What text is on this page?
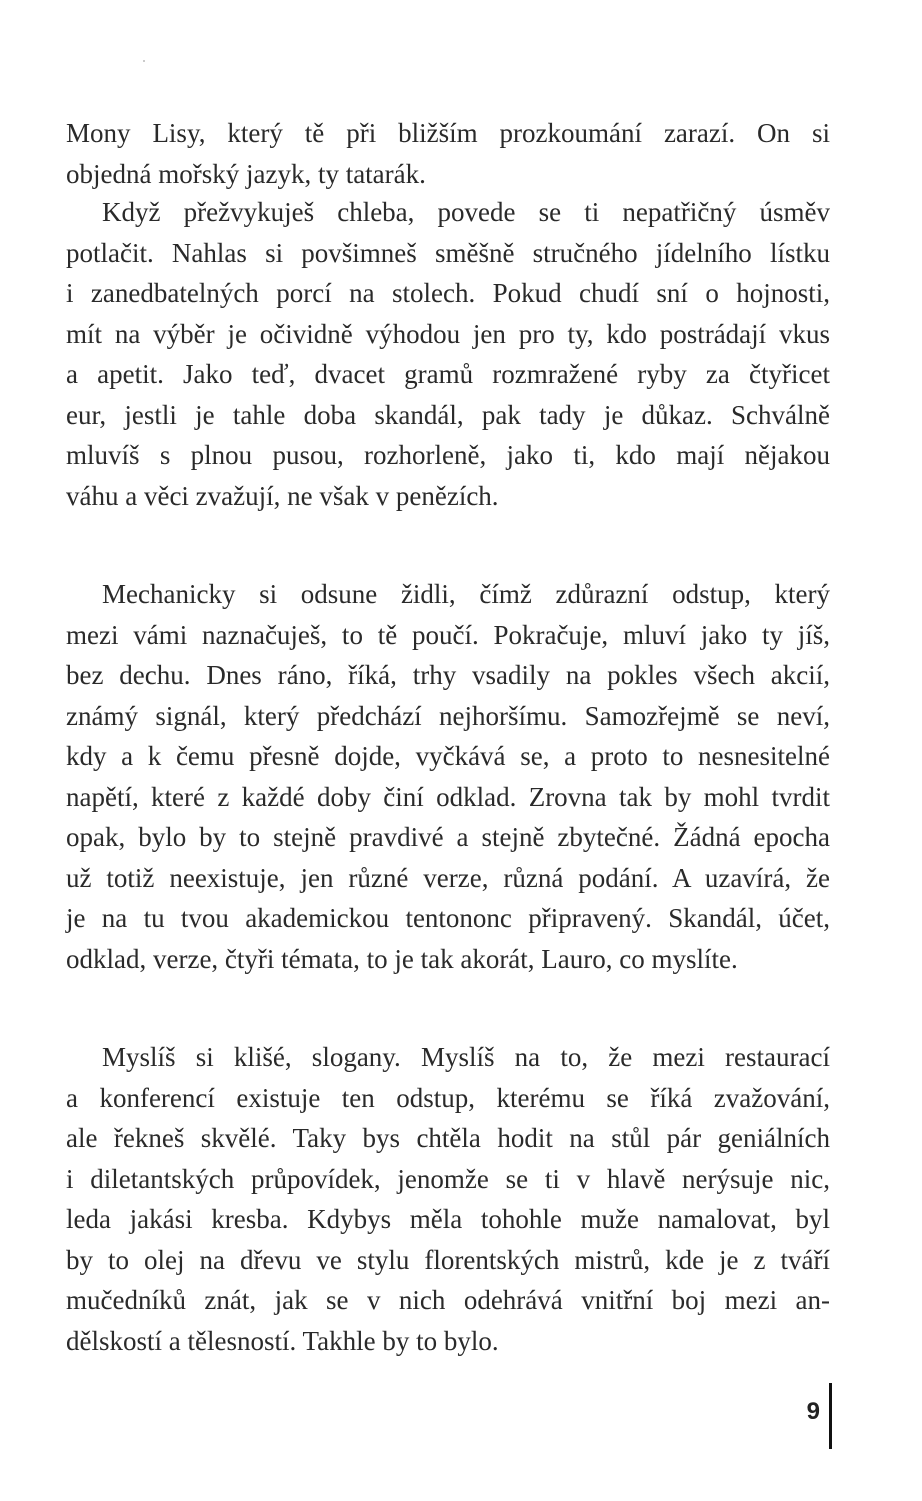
Mony Lisy, který tě při bližším prozkoumání zarazí. On si
objedná mořský jazyk, ty tatarák.
Když přežvykuješ chleba, povede se ti nepatřičný úsměv
potlačit. Nahlas si povšimneš směšně stručného jídelního lístku
i zanedbatelných porcí na stolech. Pokud chudí sní o hojnosti,
mít na výběr je očividně výhodou jen pro ty, kdo postrádají vkus
a apetit. Jako teď, dvacet gramů rozmražené ryby za čtyřicet
eur, jestli je tahle doba skandál, pak tady je důkaz. Schválně
mluvíš s plnou pusou, rozhorleně, jako ti, kdo mají nějakou
váhu a věci zvažují, ne však v penězích.
Mechanicky si odsune židli, čímž zdůrazní odstup, který
mezi vámi naznačuješ, to tě poučí. Pokračuje, mluví jako ty jíš,
bez dechu. Dnes ráno, říká, trhy vsadily na pokles všech akcií,
známý signál, který předchází nejhoršímu. Samozřejmě se neví,
kdy a k čemu přesně dojde, vyčkává se, a proto to nesnesitelné
napětí, které z každé doby činí odklad. Zrovna tak by mohl tvrdit
opak, bylo by to stejně pravdivé a stejně zbytečné. Žádná epocha
už totiž neexistuje, jen různé verze, různá podání. A uzavírá, že
je na tu tvou akademickou tentononc připravený. Skandál, účet,
odklad, verze, čtyři témata, to je tak akorát, Lauro, co myslíte.
Myslíš si klišé, slogany. Myslíš na to, že mezi restaurací
a konferencí existuje ten odstup, kterému se říká zvažování,
ale řekneš skvělé. Taky bys chtěla hodit na stůl pár geniálních
i diletantských průpovídek, jenomže se ti v hlavě nerýsuje nic,
leda jakási kresba. Kdybys měla tohohle muže namalovat, byl
by to olej na dřevu ve stylu florentských mistrů, kde je z tváří
mučedníků znát, jak se v nich odehrává vnitřní boj mezi an-
dělskostí a tělesností. Takhle by to bylo.
9
